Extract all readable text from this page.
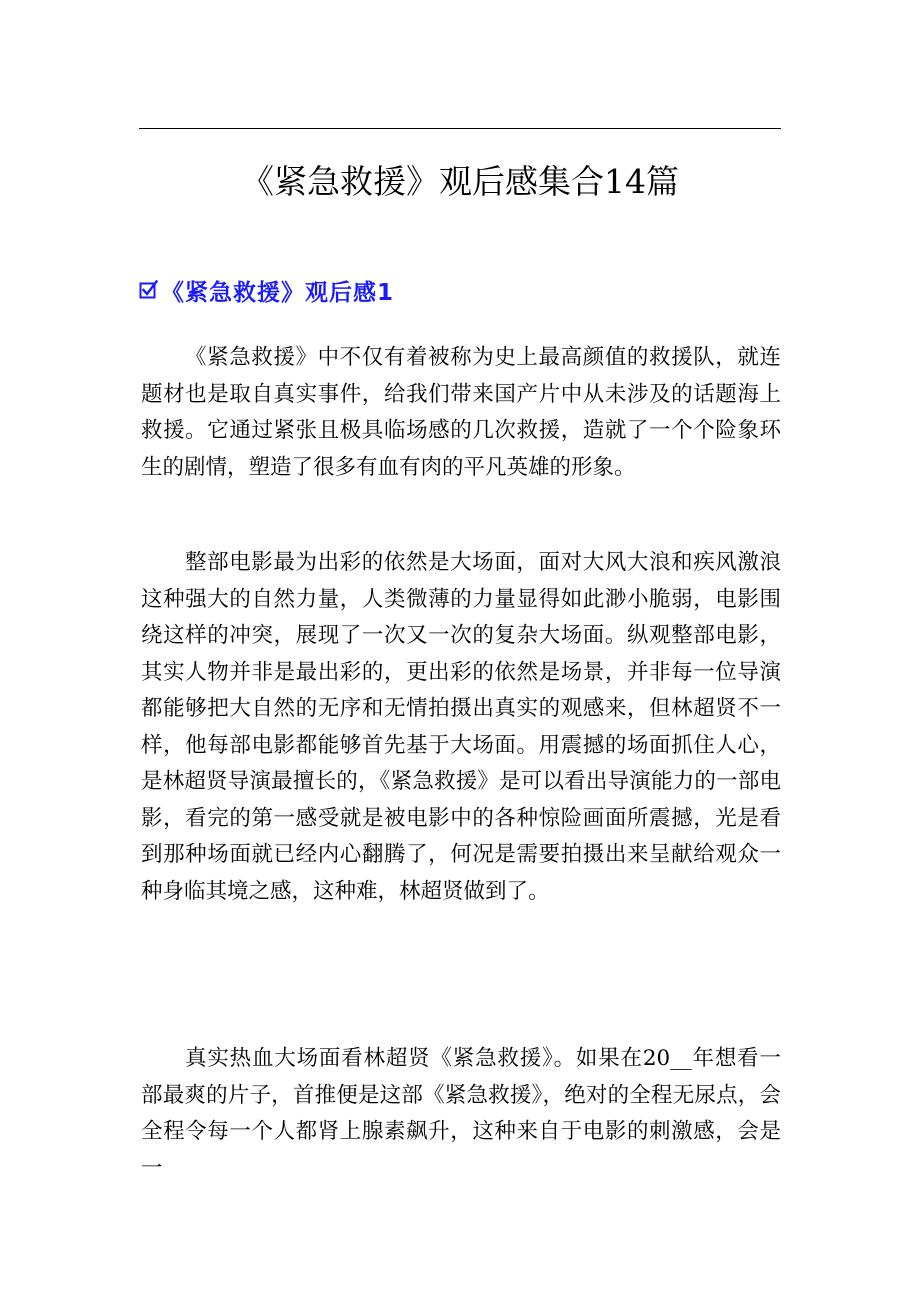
《紧急救援》观后感集合14篇
《紧急救援》观后感1

《紧急救援》中不仅有着被称为史上最高颜值的救援队，就连题材也是取自真实事件，给我们带来国产片中从未涉及的话题海上救援。它通过紧张且极具临场感的几次救援，造就了一个个险象环生的剧情，塑造了很多有血有肉的平凡英雄的形象。

整部电影最为出彩的依然是大场面，面对大风大浪和疾风激浪这种强大的自然力量，人类微薄的力量显得如此渺小脆弱，电影围绕这样的冲突，展现了一次又一次的复杂大场面。纵观整部电影，其实人物并非是最出彩的，更出彩的依然是场景，并非每一位导演都能够把大自然的无序和无情拍摄出真实的观感来，但林超贤不一样，他每部电影都能够首先基于大场面。用震撼的场面抓住人心，是林超贤导演最擅长的，《紧急救援》是可以看出导演能力的一部电影，看完的第一感受就是被电影中的各种惊险画面所震撼，光是看到那种场面就已经内心翻腾了，何况是需要拍摄出来呈献给观众一种身临其境之感，这种难，林超贤做到了。

真实热血大场面看林超贤《紧急救援》。如果在20__年想看一部最爽的片子，首推便是这部《紧急救援》，绝对的全程无尿点，会全程令每一个人都肾上腺素飙升，这种来自于电影的刺激感，会是一
